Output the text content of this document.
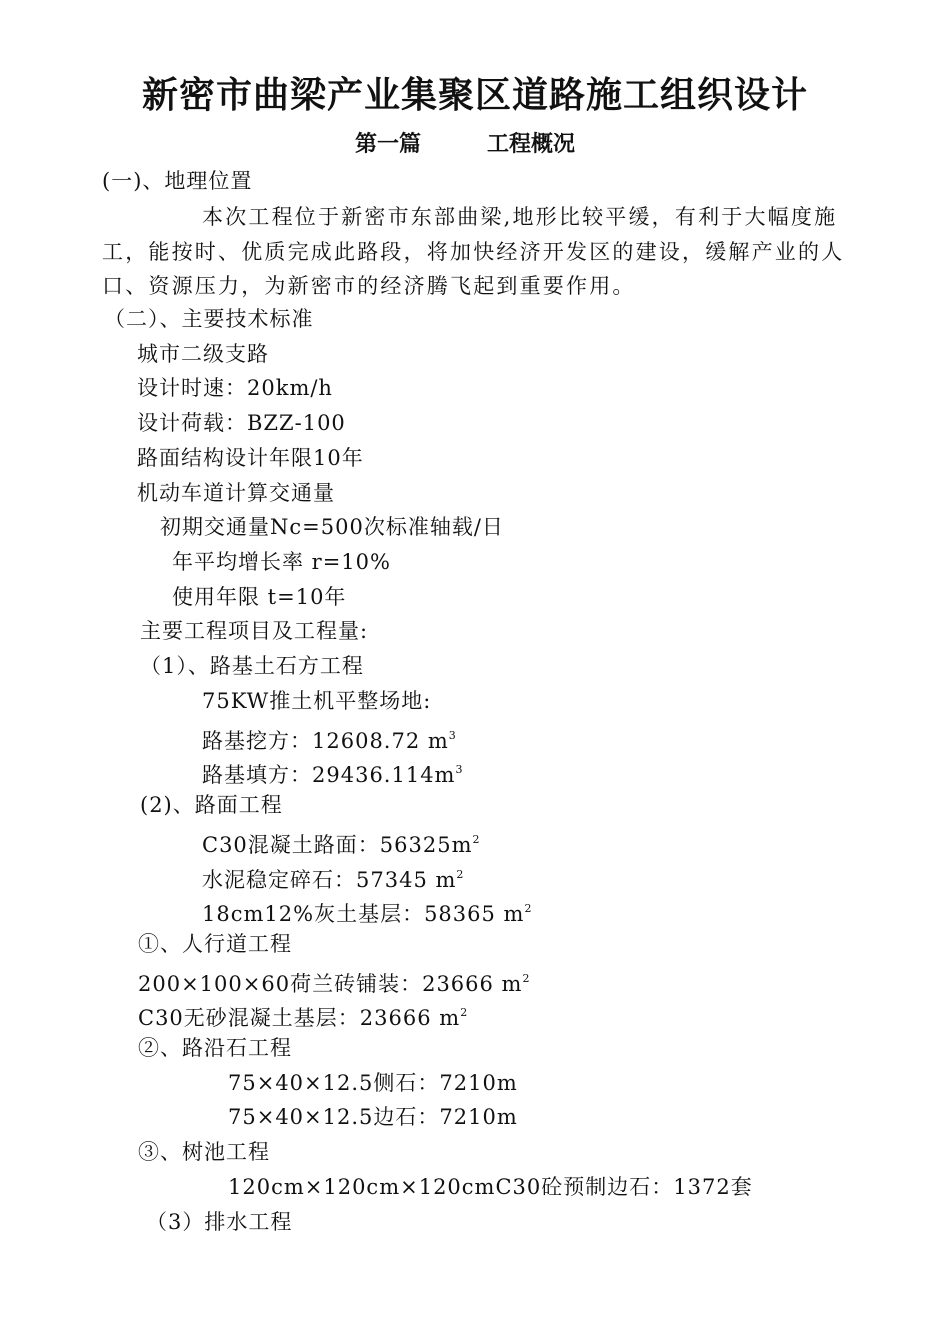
新密市曲梁产业集聚区道路施工组织设计
第一篇	工程概况
(一)、地理位置

本次工程位于新密市东部曲梁,地形比较平缓，有利于大幅度施工，能按时、优质完成此路段，将加快经济开发区的建设，缓解产业的人口、资源压力，为新密市的经济腾飞起到重要作用。

（二）、主要技术标准
城市二级支路
设计时速：20km/h
设计荷载：BZZ-100
路面结构设计年限10年
机动车道计算交通量
初期交通量Nc=500次标准轴载/日
年平均增长率 r=10%
使用年限 t=10年
主要工程项目及工程量:
（1）、路基土石方工程
75KW推土机平整场地:
路基挖方：12608.72 $m^3$
路基填方：$29436.114m^3$
(2)、路面工程
C30混凝土路面：$56325m^2$
水泥稳定碎石：57345 $m^2$
18cm12%灰土基层：58365 $m^2$
①、人行道工程
200×100×60荷兰砖铺装：23666 $m^2$
C30无砂混凝土基层：23666 $m^2$
②、路沿石工程
75×40×12.5侧石：7210m
75×40×12.5边石：7210m
③、树池工程
120cm×120cm×120cmC30砼预制边石：1372套
（3）排水工程
